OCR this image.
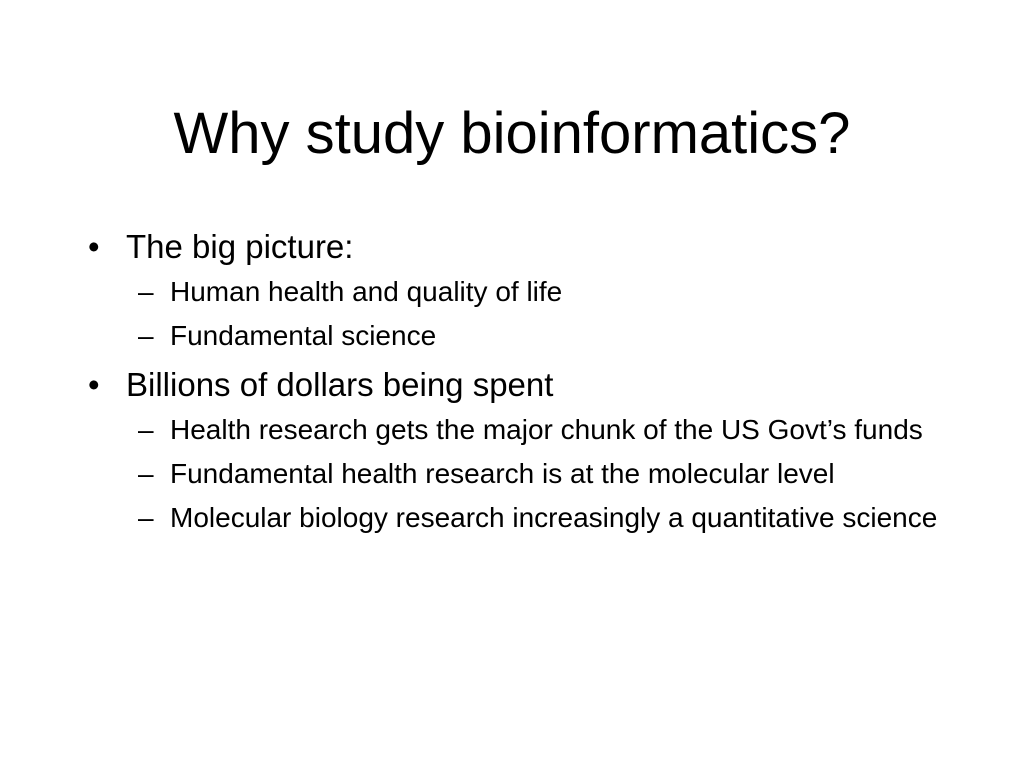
Why study bioinformatics?
• The big picture:
– Human health and quality of life
– Fundamental science
• Billions of dollars being spent
– Health research gets the major chunk of the US Govt’s funds
– Fundamental health research is at the molecular level
– Molecular biology research increasingly a quantitative science
